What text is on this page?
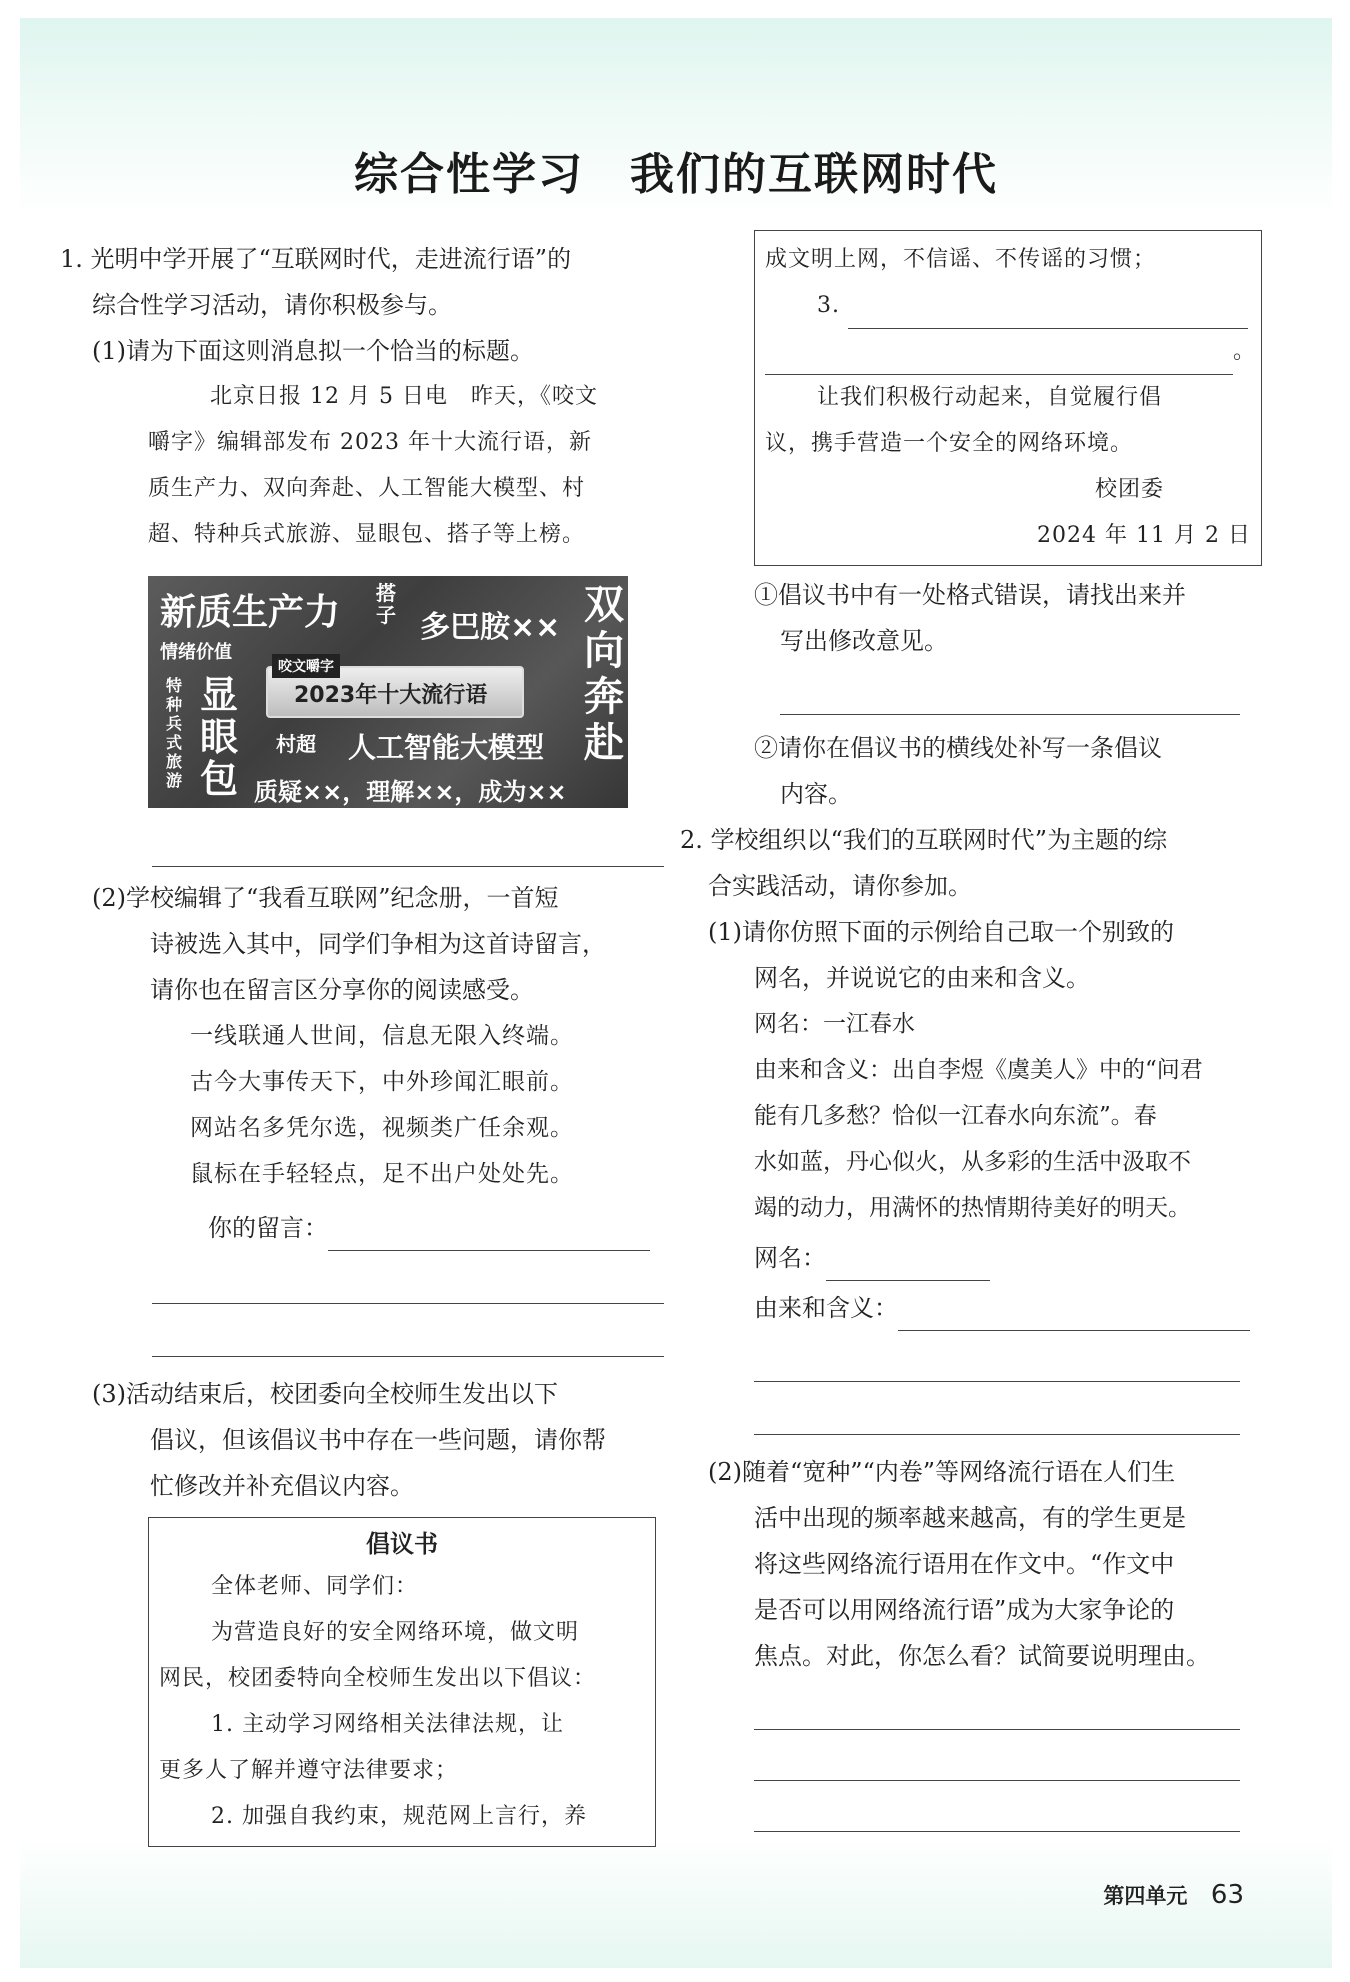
综合性学习　我们的互联网时代
1. 光明中学开展了“互联网时代，走进流行语”的
综合性学习活动，请你积极参与。
(1)请为下面这则消息拟一个恰当的标题。
北京日报 12 月 5 日电　昨天，《咬文
嚼字》编辑部发布 2023 年十大流行语，新
质生产力、双向奔赴、人工智能大模型、村
超、特种兵式旅游、显眼包、搭子等上榜。
新质生产力 搭子 多巴胺×× 双向奔赴
情绪价值
特种兵式旅游
显眼包
咬文嚼字
2023年十大流行语
村超 人工智能大模型
质疑××，理解××，成为××
(2)学校编辑了“我看互联网”纪念册，一首短
诗被选入其中，同学们争相为这首诗留言，
请你也在留言区分享你的阅读感受。
一线联通人世间，信息无限入终端。
古今大事传天下，中外珍闻汇眼前。
网站名多凭尔选，视频类广任余观。
鼠标在手轻轻点，足不出户处处先。
你的留言：
(3)活动结束后，校团委向全校师生发出以下
倡议，但该倡议书中存在一些问题，请你帮
忙修改并补充倡议内容。
倡议书
全体老师、同学们：
为营造良好的安全网络环境，做文明
网民，校团委特向全校师生发出以下倡议：
1. 主动学习网络相关法律法规，让
更多人了解并遵守法律要求；
2. 加强自我约束，规范网上言行，养
成文明上网，不信谣、不传谣的习惯；
3.
。
让我们积极行动起来，自觉履行倡
议，携手营造一个安全的网络环境。
校团委
2024 年 11 月 2 日
①倡议书中有一处格式错误，请找出来并
写出修改意见。
②请你在倡议书的横线处补写一条倡议
内容。
2. 学校组织以“我们的互联网时代”为主题的综
合实践活动，请你参加。
(1)请你仿照下面的示例给自己取一个别致的
网名，并说说它的由来和含义。
网名：一江春水
由来和含义：出自李煜《虞美人》中的“问君
能有几多愁？恰似一江春水向东流”。春
水如蓝，丹心似火，从多彩的生活中汲取不
竭的动力，用满怀的热情期待美好的明天。
网名：
由来和含义：
(2)随着“宽种”“内卷”等网络流行语在人们生
活中出现的频率越来越高，有的学生更是
将这些网络流行语用在作文中。“作文中
是否可以用网络流行语”成为大家争论的
焦点。对此，你怎么看？试简要说明理由。
第四单元 63
